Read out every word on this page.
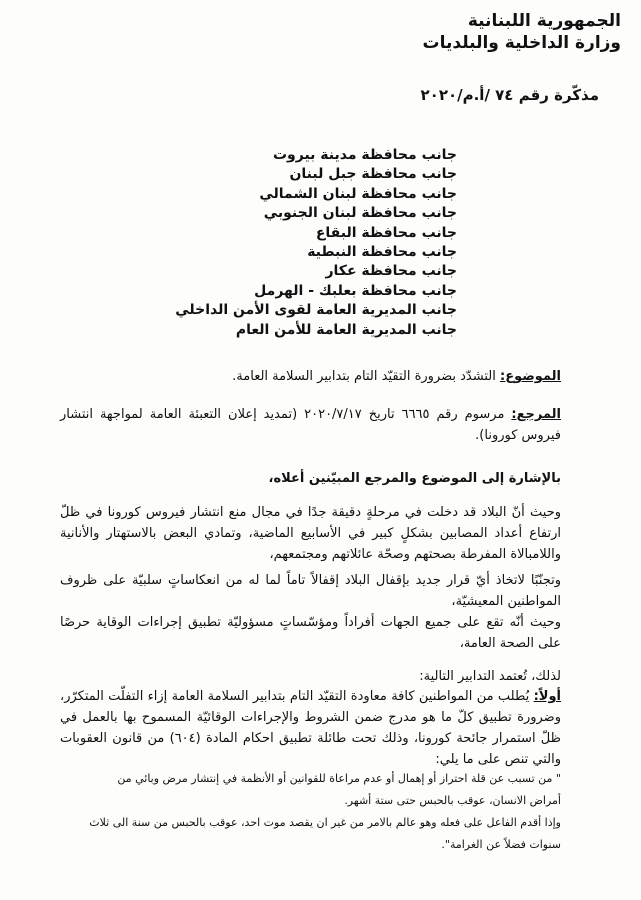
الجمهورية اللبنانية
وزارة الداخلية والبلديات
مذكّرة رقم ٧٤ /أ.م/٢٠٢٠
جانب محافظة مدينة بيروت
جانب محافظة جبل لبنان
جانب محافظة لبنان الشمالي
جانب محافظة لبنان الجنوبي
جانب محافظة البقاع
جانب محافظة النبطية
جانب محافظة عكار
جانب محافظة بعلبك - الهرمل
جانب المديرية العامة لقوى الأمن الداخلي
جانب المديرية العامة للأمن العام
الموضوع: التشدّد بضرورة التقيّد التام بتدابير السلامة العامة.
المرجع: مرسوم رقم ٦٦٦٥ تاريخ ٢٠٢٠/٧/١٧ (تمديد إعلان التعبئة العامة لمواجهة انتشار فيروس كورونا).
بالإشارة إلى الموضوع والمرجع المبيّنين أعلاه،
وحيث أنّ البلاد قد دخلت في مرحلةٍ دقيقة جدًا في مجال منع انتشار فيروس كورونا في ظلّ ارتفاع أعداد المصابين بشكلٍ كبير في الأسابيع الماضية، وتمادي البعض بالاستهتار والأنانية واللامبالاة المفرطة بصحتهم وصحّة عائلاتهم ومجتمعهم،
وتجنّبًا لاتخاذ أيّ قرار جديد بإقفال البلاد إقفالاً تاماً لما له من انعكاساتٍ سلبيّة على ظروف المواطنين المعيشيّة،
وحيث أنّه تقع على جميع الجهات أفراداً ومؤسّساتٍ مسؤوليّة تطبيق إجراءات الوقاية حرصًا على الصحة العامة،
لذلك، تُعتمد التدابير التالية:
أولاً: يُطلب من المواطنين كافة معاودة التقيّد التام بتدابير السلامة العامة إزاء التفلّت المتكرّر، وضرورة تطبيق كلّ ما هو مدرج ضمن الشروط والإجراءات الوقائيّة المسموح بها بالعمل في ظلّ استمرار جائحة كورونا، وذلك تحت طائلة تطبيق احكام المادة (٦٠٤) من قانون العقوبات والتي تنص على ما يلي:
" من تسبب عن قلة احتراز أو إهمال أو عدم مراعاة للقوانين أو الأنظمة في إنتشار مرض وبائي من
أمراض الانسان، عوقب بالحبس حتى ستة أشهر.
وإذا أقدم الفاعل على فعله وهو عالم بالامر من غير ان يقصد موت احد، عوقب بالحبس من سنة الى ثلاث
سنوات فضلاً عن الغرامة".
